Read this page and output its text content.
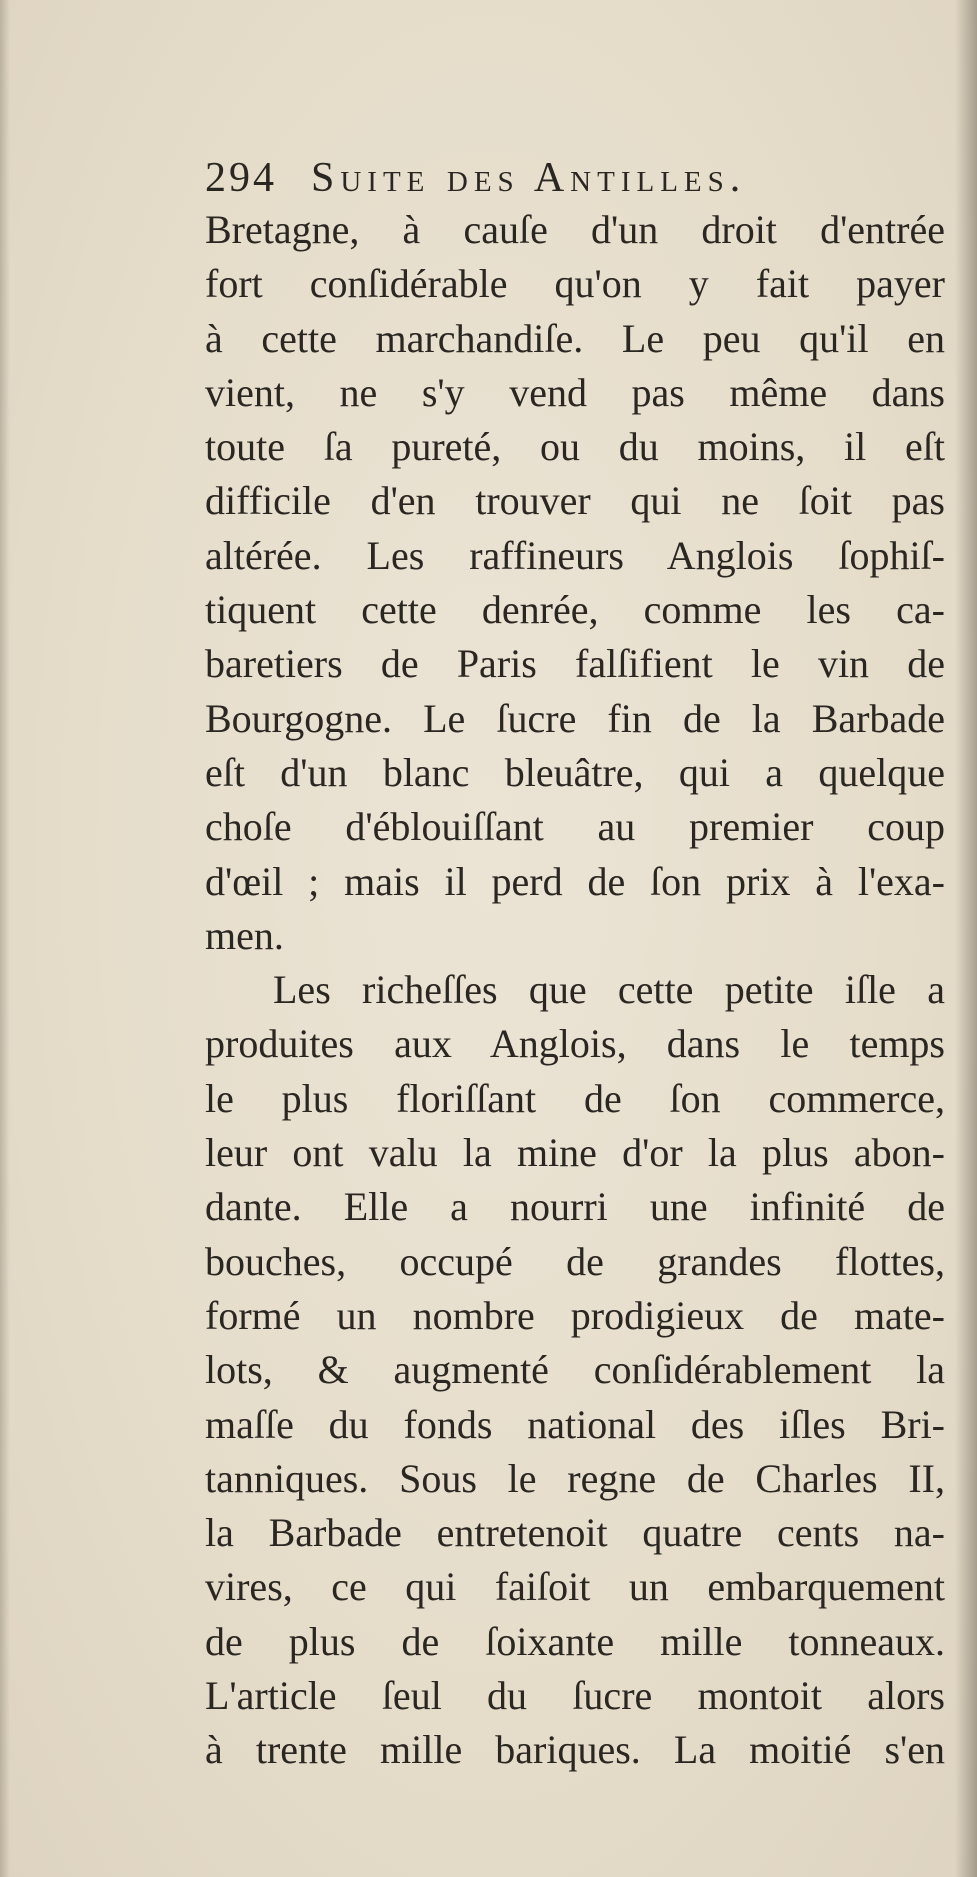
294 Suite des Antilles.
Bretagne, à cauſe d'un droit d'entrée
fort conſidérable qu'on y fait payer
à cette marchandiſe. Le peu qu'il en
vient, ne s'y vend pas même dans
toute ſa pureté, ou du moins, il eſt
difficile d'en trouver qui ne ſoit pas
altérée. Les raffineurs Anglois ſophiſ-
tiquent cette denrée, comme les ca-
baretiers de Paris falſifient le vin de
Bourgogne. Le ſucre fin de la Barbade
eſt d'un blanc bleuâtre, qui a quelque
choſe d'éblouiſſant au premier coup
d'œil ; mais il perd de ſon prix à l'exa-
men.
Les richeſſes que cette petite iſle a
produites aux Anglois, dans le temps
le plus floriſſant de ſon commerce,
leur ont valu la mine d'or la plus abon-
dante. Elle a nourri une infinité de
bouches, occupé de grandes flottes,
formé un nombre prodigieux de mate-
lots, & augmenté conſidérablement la
maſſe du fonds national des iſles Bri-
tanniques. Sous le regne de Charles II,
la Barbade entretenoit quatre cents na-
vires, ce qui faiſoit un embarquement
de plus de ſoixante mille tonneaux.
L'article ſeul du ſucre montoit alors
à trente mille bariques. La moitié s'en
